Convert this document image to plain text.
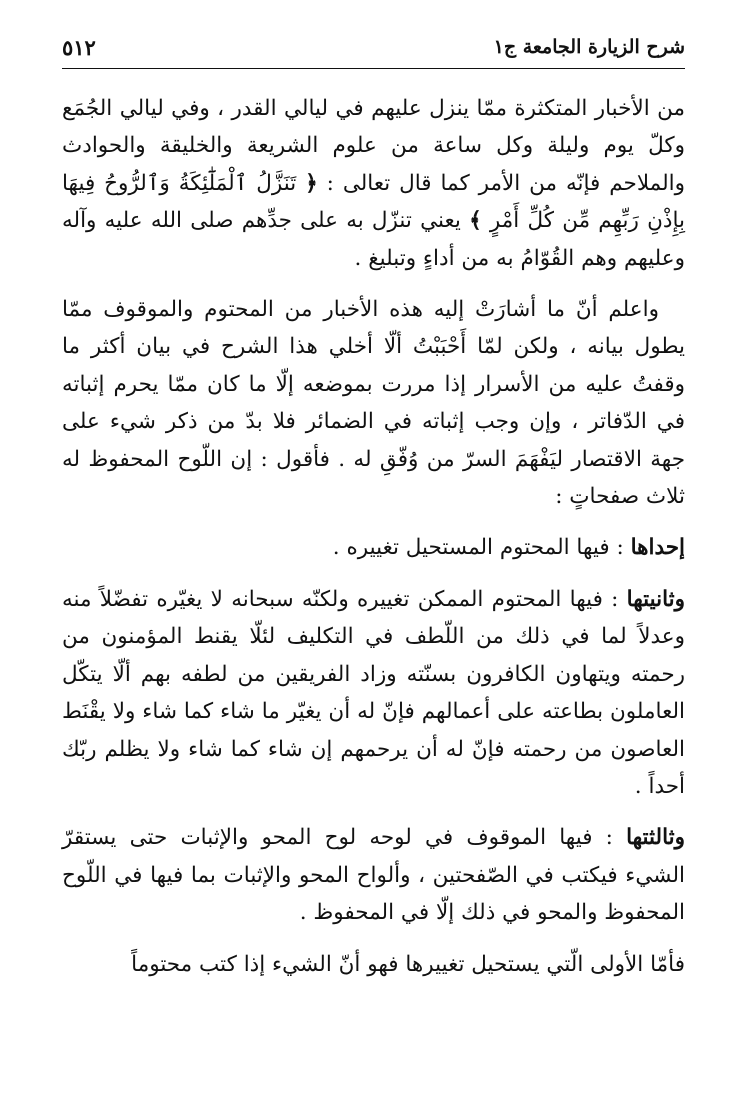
٥١٢	شرح الزيارة الجامعة ج١

من الأخبار المتكثرة ممّا ينزل عليهم في ليالي القدر ، وفي ليالي الجُمَع وكلّ يوم وليلة وكل ساعة من علوم الشريعة والخليقة والحوادث والملاحم فإنّه من الأمر كما قال تعالى : ﴿ تَنَزَّلُ ٱلْمَلَٰٓئِكَةُ وَٱلرُّوحُ فِيهَا بِإِذْنِ رَبِّهِم مِّن كُلِّ أَمْرٍ ﴾ يعني تنزّل به على جدِّهم صلى الله عليه وآله وعليهم وهم القُوّامُ به من أداءٍ وتبليغ .

واعلم أنّ ما أشارَتْ إليه هذه الأخبار من المحتوم والموقوف ممّا يطول بيانه ، ولكن لمّا أَحْبَبْتُ ألّا أخلي هذا الشرح في بيان أكثر ما وقفتُ عليه من الأسرار إذا مررت بموضعه إلّا ما كان ممّا يحرم إثباته في الدّفاتر ، وإن وجب إثباته في الضمائر فلا بدّ من ذكر شيء على جهة الاقتصار ليَفْهَمَ السرّ من وُفّقِ له . فأقول : إن اللّوح المحفوظ له ثلاث صفحاتٍ :

إحداها : فيها المحتوم المستحيل تغييره .

وثانيتها : فيها المحتوم الممكن تغييره ولكنّه سبحانه لا يغيّره تفضّلاً منه وعدلاً لما في ذلك من اللّطف في التكليف لئلّا يقنط المؤمنون من رحمته ويتهاون الكافرون بسنّته وزاد الفريقين من لطفه بهم ألّا يتكّل العاملون بطاعته على أعمالهم فإنّ له أن يغيّر ما شاء كما شاء ولا يقْنَط العاصون من رحمته فإنّ له أن يرحمهم إن شاء كما شاء ولا يظلم ربّك أحداً .

وثالثتها : فيها الموقوف في لوحه لوح المحو والإثبات حتى يستقرّ الشيء فيكتب في الصّفحتين ، وألواح المحو والإثبات بما فيها في اللّوح المحفوظ والمحو في ذلك إلّا في المحفوظ .

فأمّا الأولى الّتي يستحيل تغييرها فهو أنّ الشيء إذا كتب محتوماً
